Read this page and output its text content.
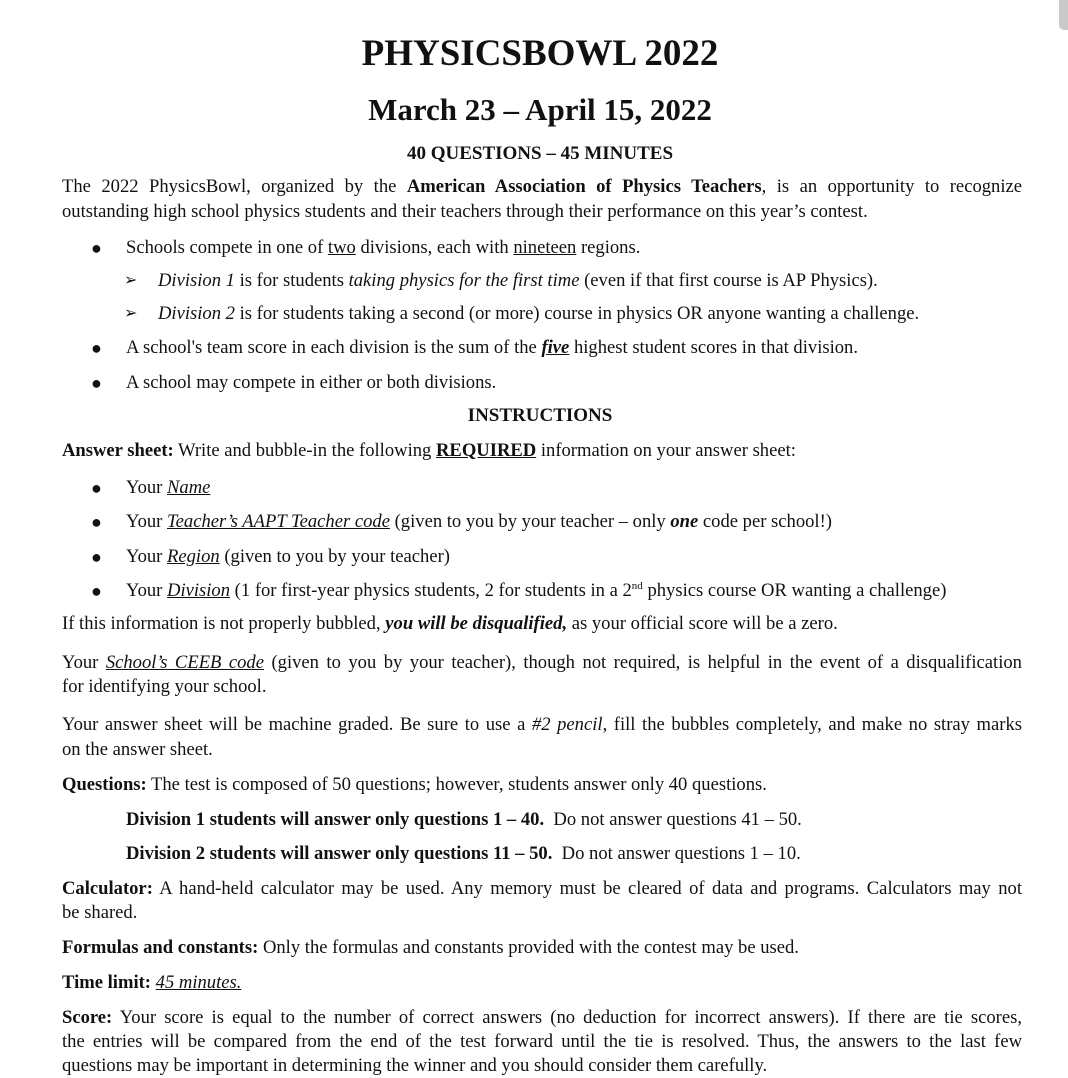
PHYSICSBOWL 2022
March 23 – April 15, 2022
40 QUESTIONS – 45 MINUTES
The 2022 PhysicsBowl, organized by the American Association of Physics Teachers, is an opportunity to recognize
outstanding high school physics students and their teachers through their performance on this year’s contest.
● Schools compete in one of two divisions, each with nineteen regions.
➢ Division 1 is for students taking physics for the first time (even if that first course is AP Physics).
➢ Division 2 is for students taking a second (or more) course in physics OR anyone wanting a challenge.
● A school's team score in each division is the sum of the five highest student scores in that division.
● A school may compete in either or both divisions.
INSTRUCTIONS
Answer sheet: Write and bubble-in the following REQUIRED information on your answer sheet:
● Your Name
● Your Teacher’s AAPT Teacher code (given to you by your teacher – only one code per school!)
● Your Region (given to you by your teacher)
● Your Division (1 for first-year physics students, 2 for students in a 2nd physics course OR wanting a challenge)
If this information is not properly bubbled, you will be disqualified, as your official score will be a zero.
Your School’s CEEB code (given to you by your teacher), though not required, is helpful in the event of a disqualification
for identifying your school.
Your answer sheet will be machine graded. Be sure to use a #2 pencil, fill the bubbles completely, and make no stray marks
on the answer sheet.
Questions: The test is composed of 50 questions; however, students answer only 40 questions.
Division 1 students will answer only questions 1 – 40.  Do not answer questions 41 – 50.
Division 2 students will answer only questions 11 – 50.  Do not answer questions 1 – 10.
Calculator: A hand-held calculator may be used. Any memory must be cleared of data and programs. Calculators may not
be shared.
Formulas and constants: Only the formulas and constants provided with the contest may be used.
Time limit: 45 minutes.
Score: Your score is equal to the number of correct answers (no deduction for incorrect answers). If there are tie scores,
the entries will be compared from the end of the test forward until the tie is resolved. Thus, the answers to the last few
questions may be important in determining the winner and you should consider them carefully.
